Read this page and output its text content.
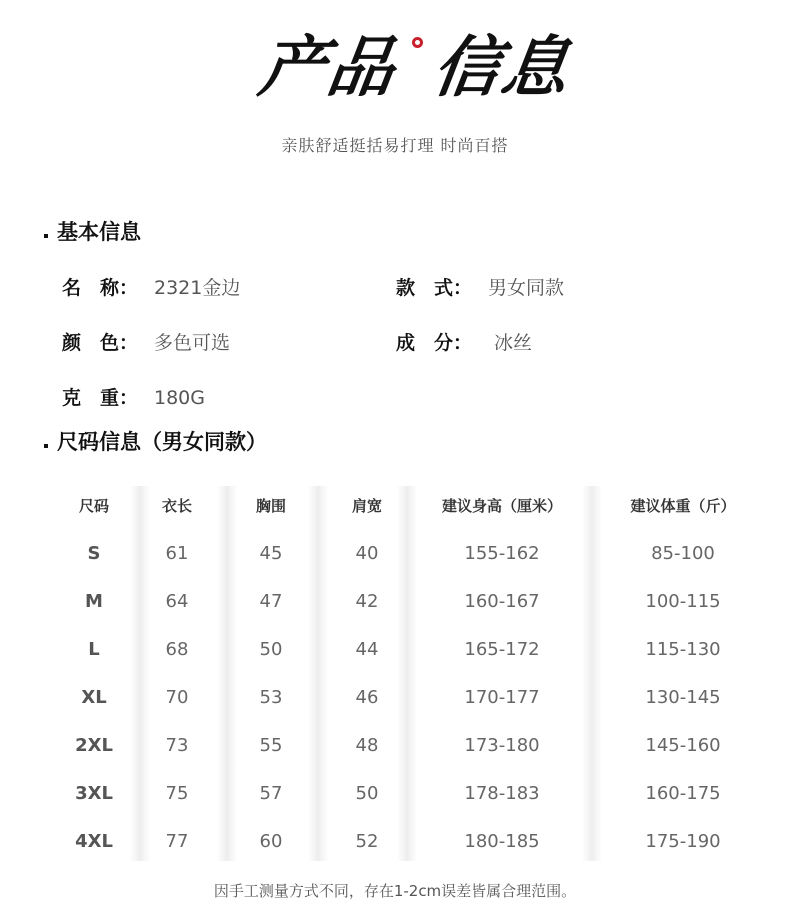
产品 信息
亲肤舒适挺括易打理 时尚百搭
基本信息
名　称： 2321金边	款　式： 男女同款
颜　色： 多色可选	成　分： 冰丝
克　重： 180G
尺码信息（男女同款）
尺码
S
M
L
XL
2XL
3XL
4XL
衣长
61
64
68
70
73
75
77
胸围
45
47
50
53
55
57
60
肩宽
40
42
44
46
48
50
52
建议身高（厘米）
155-162
160-167
165-172
170-177
173-180
178-183
180-185
建议体重（斤）
85-100
100-115
115-130
130-145
145-160
160-175
175-190
因手工测量方式不同，存在1-2cm误差皆属合理范围。
